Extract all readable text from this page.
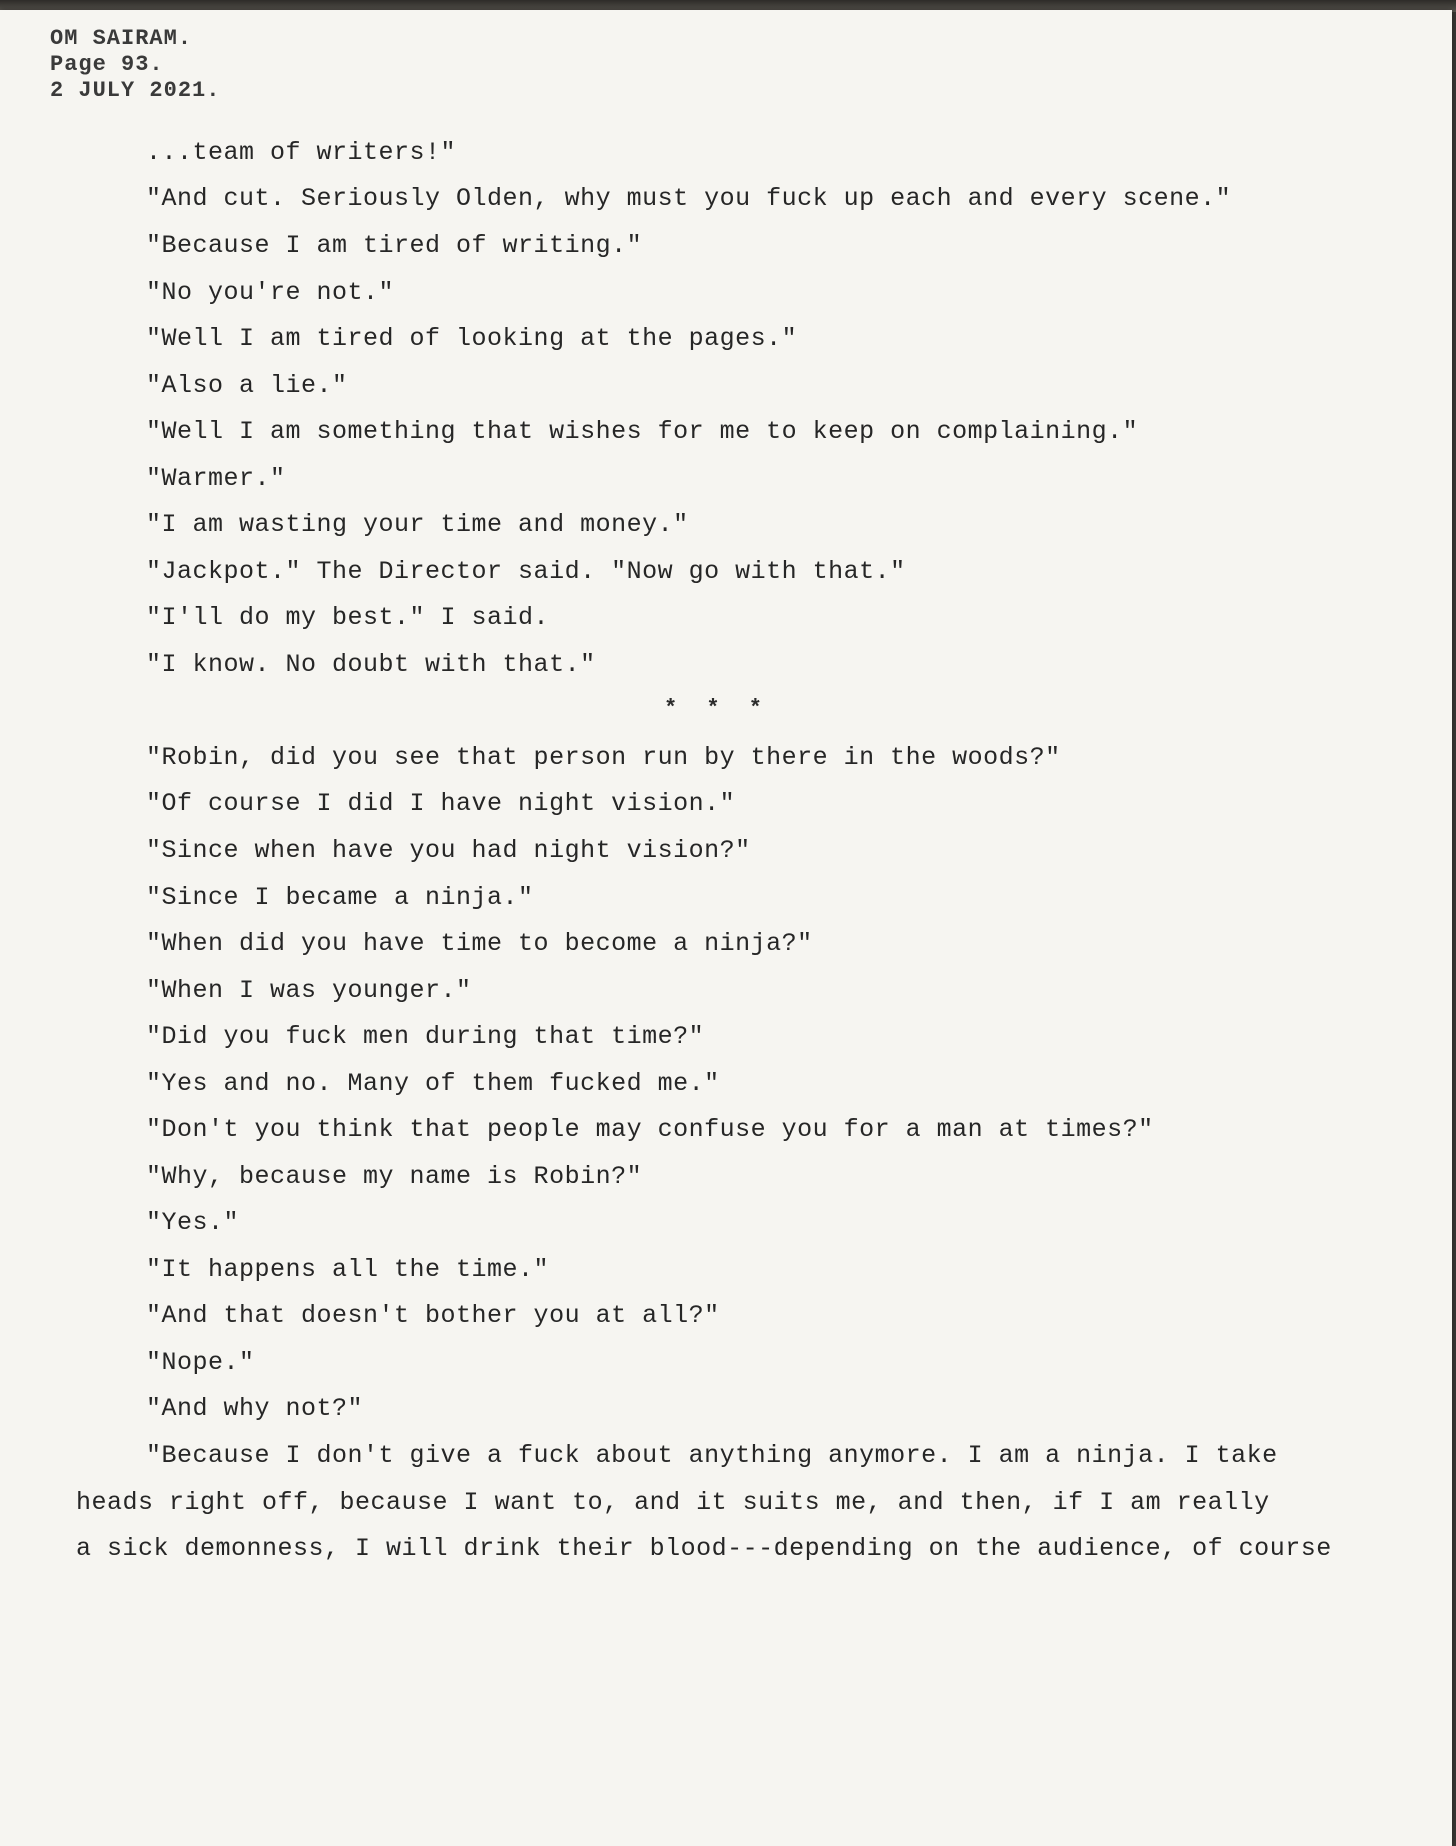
OM SAIRAM.
Page 93.
2 JULY 2021.
...team of writers!"
"And cut. Seriously Olden, why must you fuck up each and every scene."
"Because I am tired of writing."
"No you're not."
"Well I am tired of looking at the pages."
"Also a lie."
"Well I am something that wishes for me to keep on complaining."
"Warmer."
"I am wasting your time and money."
"Jackpot." The Director said. "Now go with that."
"I'll do my best." I said.
"I know. No doubt with that."
* * *
"Robin, did you see that person run by there in the woods?"
"Of course I did I have night vision."
"Since when have you had night vision?"
"Since I became a ninja."
"When did you have time to become a ninja?"
"When I was younger."
"Did you fuck men during that time?"
"Yes and no. Many of them fucked me."
"Don't you think that people may confuse you for a man at times?"
"Why, because my name is Robin?"
"Yes."
"It happens all the time."
"And that doesn't bother you at all?"
"Nope."
"And why not?"
"Because I don't give a fuck about anything anymore. I am a ninja. I take
heads right off, because I want to, and it suits me, and then, if I am really
a sick demonness, I will drink their blood---depending on the audience, of course
